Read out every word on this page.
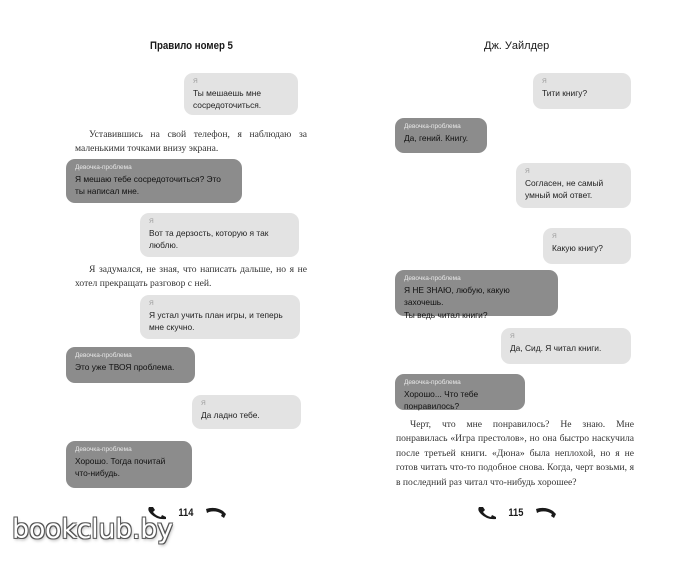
Правило номер 5
Я
Ты мешаешь мне
сосредоточиться.
Уставившись на свой телефон, я наблюдаю за маленькими точками внизу экрана.
Девочка-проблема
Я мешаю тебе сосредоточиться? Это
ты написал мне.
Я
Вот та дерзость, которую я так
люблю.
Я задумался, не зная, что написать дальше, но я не хотел прекращать разговор с ней.
Я
Я устал учить план игры, и теперь
мне скучно.
Девочка-проблема
Это уже ТВОЯ проблема.
Я
Да ладно тебе.
Девочка-проблема
Хорошо. Тогда почитай
что-нибудь.
114
Дж. Уайлдер
Я
Тити книгу?
Девочка-проблема
Да, гений. Книгу.
Я
Согласен, не самый
умный мой ответ.
Я
Какую книгу?
Девочка-проблема
Я НЕ ЗНАЮ, любую, какую захочешь.
Ты ведь читал книги?
Я
Да, Сид. Я читал книги.
Девочка-проблема
Хорошо... Что тебе понравилось?
Черт, что мне понравилось? Не знаю. Мне понравилась «Игра престолов», но она быстро наскучила после третьей книги. «Дюна» была неплохой, но я не готов читать что-то подобное снова. Когда, черт возьми, я в последний раз читал что-нибудь хорошее?
115
bookclub.by
